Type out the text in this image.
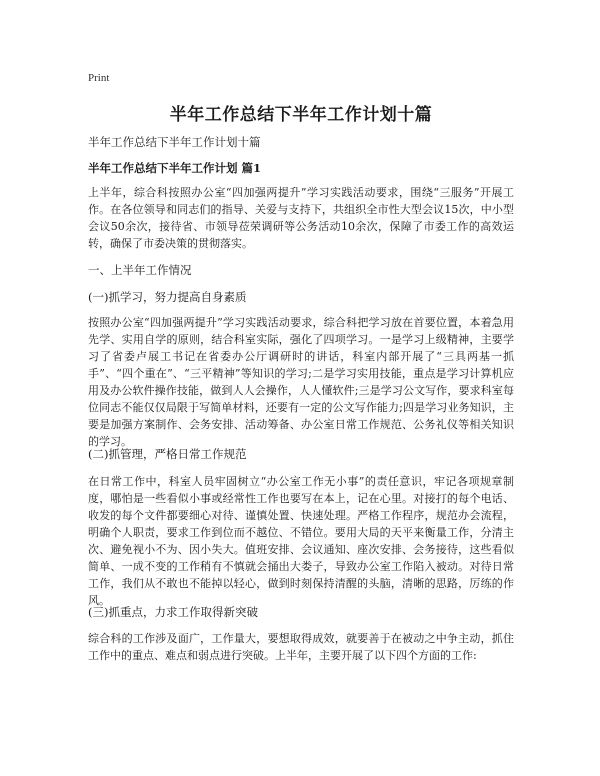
Print
半年工作总结下半年工作计划十篇
半年工作总结下半年工作计划十篇
半年工作总结下半年工作计划 篇1

上半年，综合科按照办公室“四加强两提升”学习实践活动要求，围绕“三服务”开展工作。在各位领导和同志们的指导、关爱与支持下，共组织全市性大型会议15次，中小型会议50余次，接待省、市领导莅荣调研等公务活动10余次，保障了市委工作的高效运转，确保了市委决策的贯彻落实。

一、上半年工作情况
(一)抓学习，努力提高自身素质

按照办公室“四加强两提升”学习实践活动要求，综合科把学习放在首要位置，本着急用先学、实用自学的原则，结合科室实际，强化了四项学习。一是学习上级精神，主要学习了省委卢展工书记在省委办公厅调研时的讲话，科室内部开展了“三具两基一抓手”、“四个重在”、“三平精神”等知识的学习;二是学习实用技能，重点是学习计算机应用及办公软件操作技能，做到人人会操作，人人懂软件;三是学习公文写作，要求科室每位同志不能仅仅局限于写简单材料，还要有一定的公文写作能力;四是学习业务知识，主要是加强方案制作、会务安排、活动筹备、办公室日常工作规范、公务礼仪等相关知识的学习。

(二)抓管理，严格日常工作规范

在日常工作中，科室人员牢固树立“办公室工作无小事”的责任意识，牢记各项规章制度，哪怕是一些看似小事或经常性工作也要写在本上，记在心里。对接打的每个电话、收发的每个文件都要细心对待、谨慎处置、快速处理。严格工作程序，规范办会流程，明确个人职责，要求工作到位而不越位、不错位。要用大局的天平来衡量工作，分清主次、避免视小不为、因小失大。值班安排、会议通知、座次安排、会务接待，这些看似简单、一成不变的工作稍有不慎就会捅出大娄子，导致办公室工作陷入被动。对待日常工作，我们从不敢也不能掉以轻心，做到时刻保持清醒的头脑，清晰的思路，厉练的作风。

(三)抓重点，力求工作取得新突破

综合科的工作涉及面广，工作量大，要想取得成效，就要善于在被动之中争主动，抓住工作中的重点、难点和弱点进行突破。上半年，主要开展了以下四个方面的工作:
